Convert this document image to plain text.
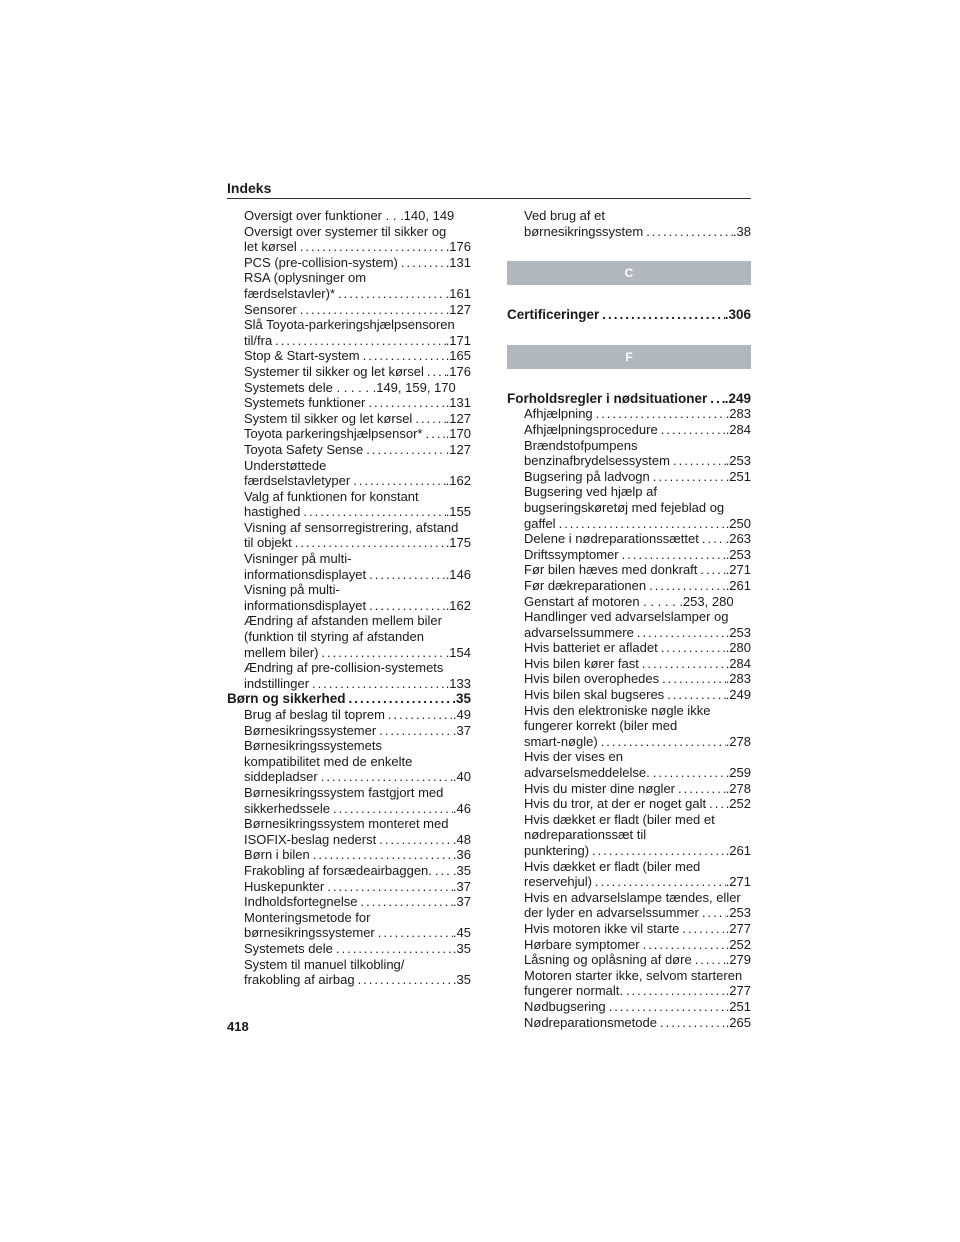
Indeks
Oversigt over funktioner . . .140, 149
Oversigt over systemer til sikker og
let kørsel .....	.176
PCS (pre-collision-system) .....	.131
RSA (oplysninger om
færdselstavler)* .....	.161
Sensorer .....	.127
Slå Toyota-parkeringshjælpsensoren
til/fra .....	.171
Stop & Start-system .....	.165
Systemer til sikker og let kørsel ..... .176
Systemets dele . . . . . .149, 159, 170
Systemets funktioner .....	.131
System til sikker og let kørsel .....	.127
Toyota parkeringshjælpsensor* ..... .170
Toyota Safety Sense .....	.127
Understøttede
færdselstavletyper .....	.162
Valg af funktionen for konstant
hastighed .....	.155
Visning af sensorregistrering, afstand
til objekt .....	.175
Visninger på multi-
informationsdisplayet .....	.146
Visning på multi-
informationsdisplayet .....	.162
Ændring af afstanden mellem biler
(funktion til styring af afstanden
mellem biler) .....	.154
Ændring af pre-collision-systemets
indstillinger .....	.133
Børn og sikkerhed .....	.35
Brug af beslag til toprem .....	.49
Børnesikringssystemer .....	.37
Børnesikringssystemets
kompatibilitet med de enkelte
siddepladser .....	.40
Børnesikringssystem fastgjort med
sikkerhedssele .....	.46
Børnesikringssystem monteret med
ISOFIX-beslag nederst .....	.48
Børn i bilen .....	.36
Frakobling af forsædeairbaggen. ..... .35
Huskepunkter .....	.37
Indholdsfortegnelse .....	.37
Monteringsmetode for
børnesikringssystemer .....	.45
Systemets dele .....	.35
System til manuel tilkobling/
frakobling af airbag .....	.35
Ved brug af et
børnesikringssystem .....	.38
C
Certificeringer .....	.306
F
Forholdsregler i nødsituationer ..... .249
Afhjælpning .....	.283
Afhjælpningsprocedure .....	.284
Brændstofpumpens
benzinafbrydelsessystem .....	.253
Bugsering på ladvogn .....	.251
Bugsering ved hjælp af
bugseringskøretøj med fejeblad og
gaffel .....	.250
Delene i nødreparationssættet ..... .263
Driftssymptomer .....	.253
Før bilen hæves med donkraft ..... .271
Før dækreparationen .....	.261
Genstart af motoren . . . . . .253, 280
Handlinger ved advarselslamper og
advarselssummere .....	.253
Hvis batteriet er afladet .....	.280
Hvis bilen kører fast .....	.284
Hvis bilen overophedes .....	.283
Hvis bilen skal bugseres .....	.249
Hvis den elektroniske nøgle ikke
fungerer korrekt (biler med
smart-nøgle) .....	.278
Hvis der vises en
advarselsmeddelelse. .....	.259
Hvis du mister dine nøgler .....	.278
Hvis du tror, at der er noget galt ..... .252
Hvis dækket er fladt (biler med et
nødreparationssæt til
punktering) .....	.261
Hvis dækket er fladt (biler med
reservehjul) .....	.271
Hvis en advarselslampe tændes, eller
der lyder en advarselssummer ..... .253
Hvis motoren ikke vil starte .....	.277
Hørbare symptomer .....	.252
Låsning og oplåsning af døre .....	.279
Motoren starter ikke, selvom starteren
fungerer normalt. .....	.277
Nødbugsering .....	.251
Nødreparationsmetode .....	.265
418
